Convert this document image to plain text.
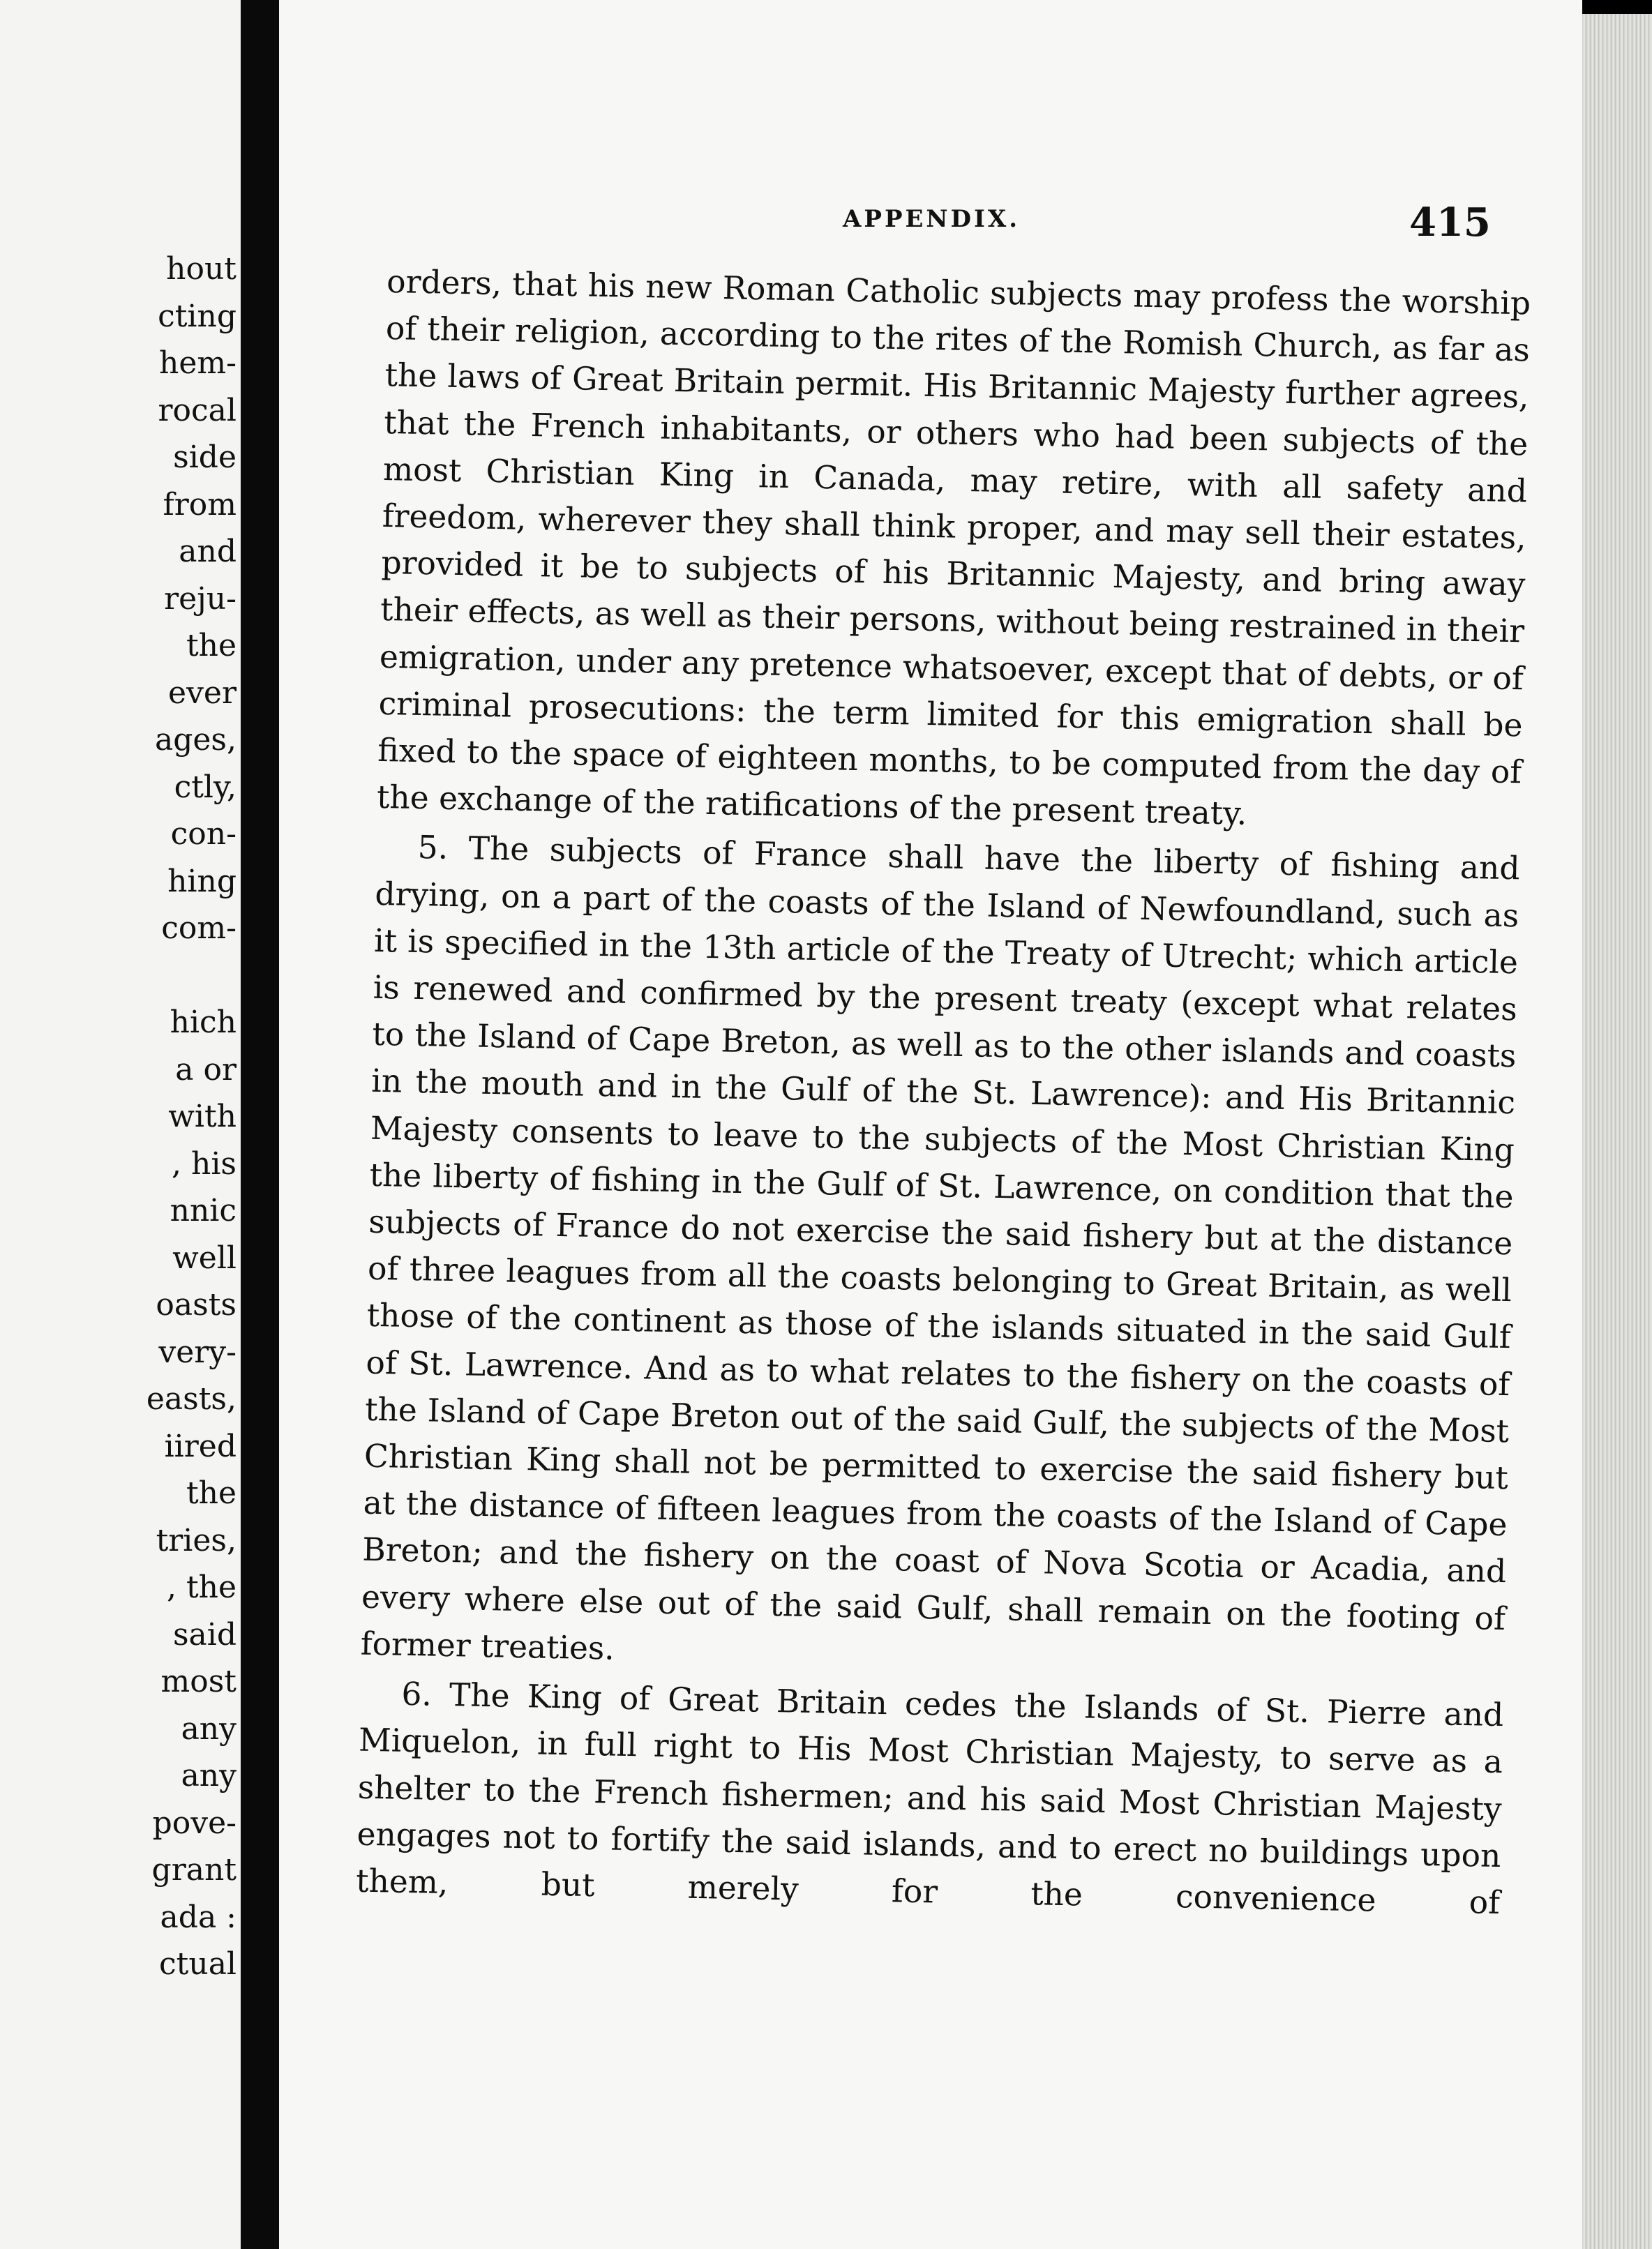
hout
cting
hem-
rocal
side
from
and
reju-
the
ever
ages,
ctly,
con-
hing
com-

hich
a or
with
, his
nnic
well
oasts
very-
easts,
iired
the
tries,
, the
said
most
any
any
pove-
grant
ada :
ctual
APPENDIX.	415

orders, that his new Roman Catholic subjects may profess the worship of their religion, according to the rites of the Romish Church, as far as the laws of Great Britain permit. His Britannic Majesty further agrees, that the French inhabitants, or others who had been subjects of the most Christian King in Canada, may retire, with all safety and freedom, wherever they shall think proper, and may sell their estates, provided it be to subjects of his Britannic Majesty, and bring away their effects, as well as their persons, without being restrained in their emigration, under any pretence whatsoever, except that of debts, or of criminal prosecutions: the term limited for this emigration shall be fixed to the space of eighteen months, to be computed from the day of the exchange of the ratifications of the present treaty.

5. The subjects of France shall have the liberty of fishing and drying, on a part of the coasts of the Island of Newfoundland, such as it is specified in the 13th article of the Treaty of Utrecht; which article is renewed and confirmed by the present treaty (except what relates to the Island of Cape Breton, as well as to the other islands and coasts in the mouth and in the Gulf of the St. Lawrence): and His Britannic Majesty consents to leave to the subjects of the Most Christian King the liberty of fishing in the Gulf of St. Lawrence, on condition that the subjects of France do not exercise the said fishery but at the distance of three leagues from all the coasts belonging to Great Britain, as well those of the continent as those of the islands situated in the said Gulf of St. Lawrence. And as to what relates to the fishery on the coasts of the Island of Cape Breton out of the said Gulf, the subjects of the Most Christian King shall not be permitted to exercise the said fishery but at the distance of fifteen leagues from the coasts of the Island of Cape Breton; and the fishery on the coast of Nova Scotia or Acadia, and every where else out of the said Gulf, shall remain on the footing of former treaties.

6. The King of Great Britain cedes the Islands of St. Pierre and Miquelon, in full right to His Most Christian Majesty, to serve as a shelter to the French fishermen; and his said Most Christian Majesty engages not to fortify the said islands, and to erect no buildings upon them, but merely for the convenience of
